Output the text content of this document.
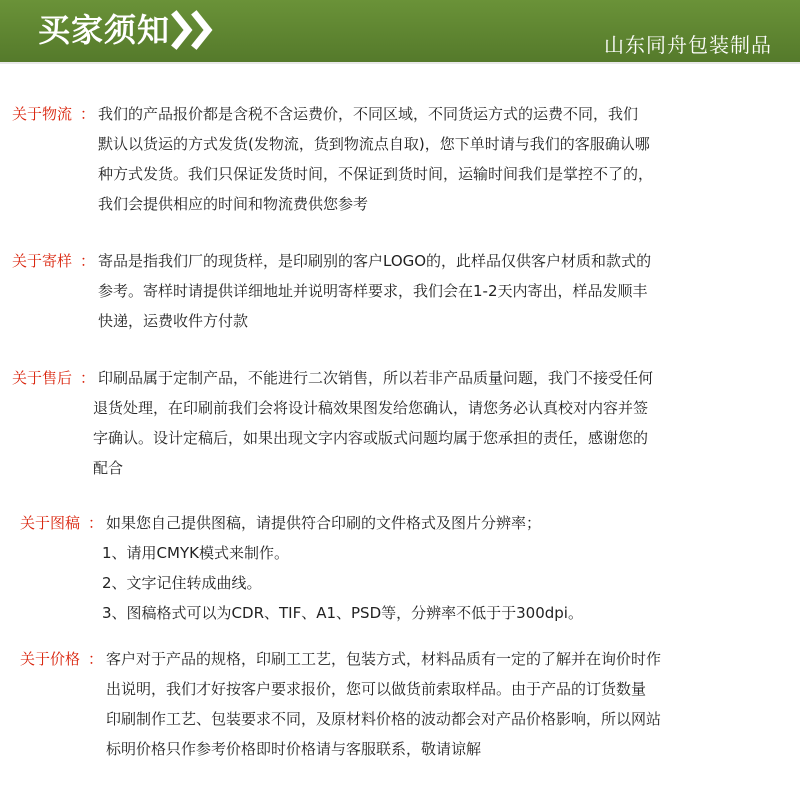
买家须知	山东同舟包装制品
关于物流 ： 我们的产品报价都是含税不含运费价，不同区域，不同货运方式的运费不同，我们
默认以货运的方式发货(发物流，货到物流点自取)，您下单时请与我们的客服确认哪
种方式发货。我们只保证发货时间，不保证到货时间，运输时间我们是掌控不了的，
我们会提供相应的时间和物流费供您参考
关于寄样 ： 寄品是指我们厂的现货样，是印刷别的客户LOGO的，此样品仅供客户材质和款式的
参考。寄样时请提供详细地址并说明寄样要求，我们会在1-2天内寄出，样品发顺丰
快递，运费收件方付款
关于售后 ： 印刷品属于定制产品，不能进行二次销售，所以若非产品质量问题，我门不接受任何
退货处理，在印刷前我们会将设计稿效果图发给您确认，请您务必认真校对内容并签
字确认。设计定稿后，如果出现文字内容或版式问题均属于您承担的责任，感谢您的
配合
关于图稿 ： 如果您自己提供图稿，请提供符合印刷的文件格式及图片分辨率；
1、请用CMYK模式来制作。
2、文字记住转成曲线。
3、图稿格式可以为CDR、TIF、A1、PSD等，分辨率不低于于300dpi。
关于价格 ： 客户对于产品的规格，印刷工工艺，包装方式，材料品质有一定的了解并在询价时作
出说明，我们才好按客户要求报价，您可以做货前索取样品。由于产品的订货数量
印刷制作工艺、包装要求不同，及原材料价格的波动都会对产品价格影响，所以网站
标明价格只作参考价格即时价格请与客服联系，敬请谅解
